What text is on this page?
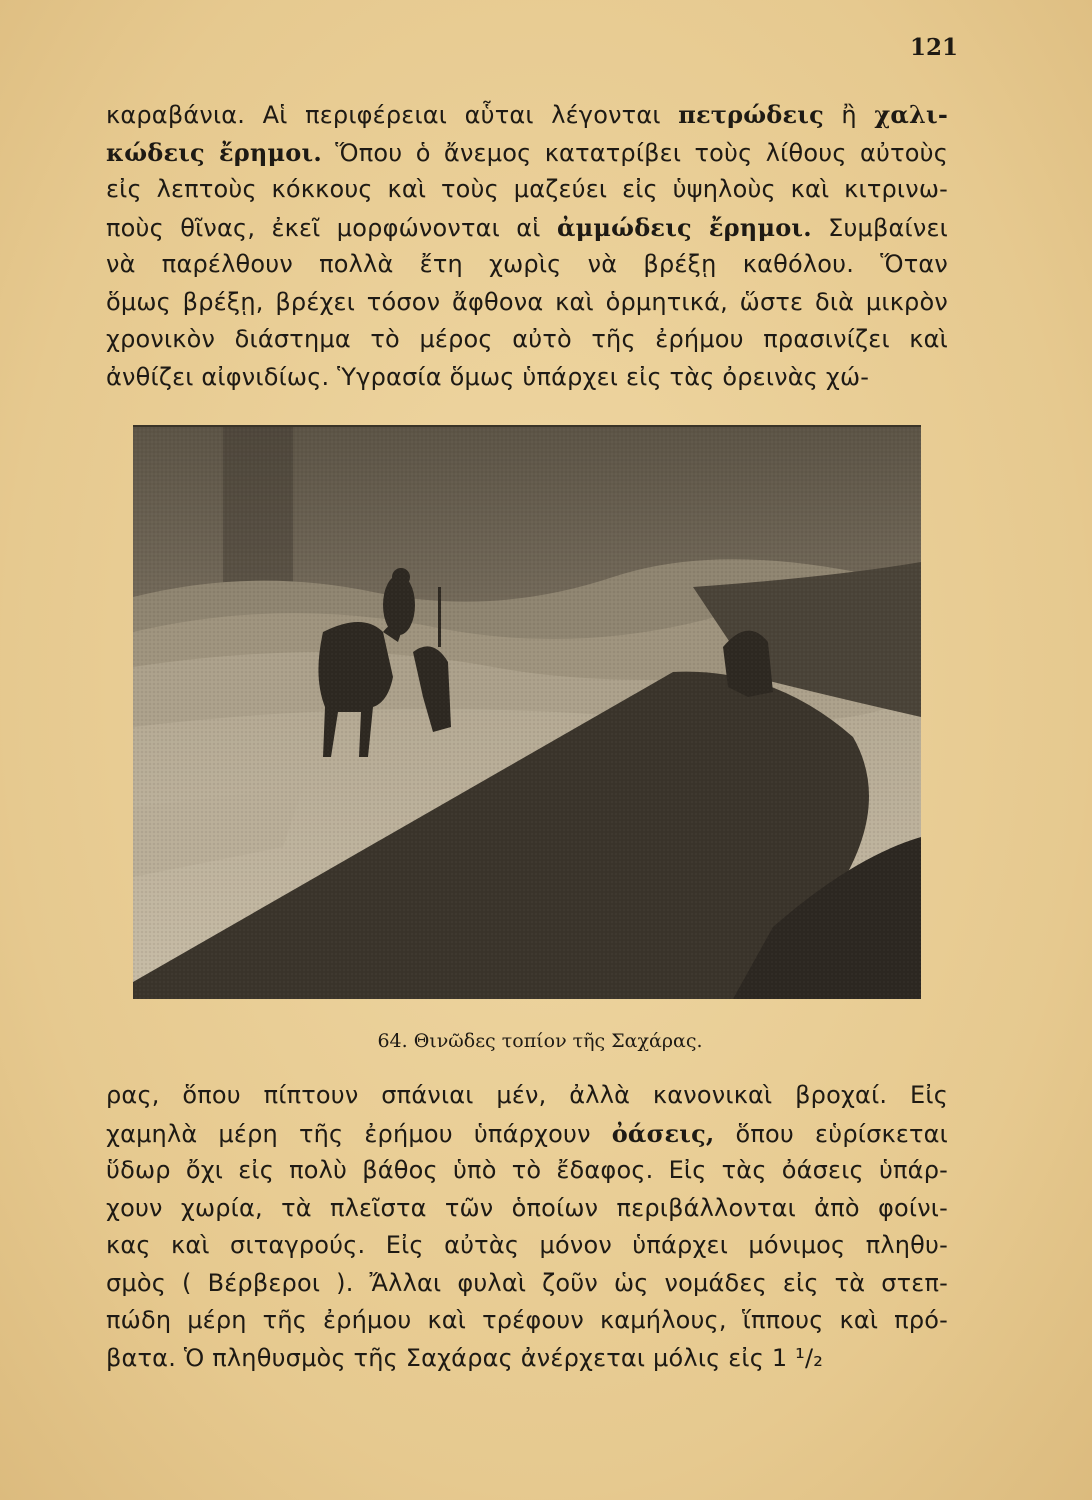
121
καραβάνια. Αἱ περιφέρειαι αὗται λέγονται πετρώδεις ἢ χαλι-
κώδεις ἔρημοι. Ὅπου ὁ ἄνεμος κατατρίβει τοὺς λίθους αὐτοὺς
εἰς λεπτοὺς κόκκους καὶ τοὺς μαζεύει εἰς ὑψηλοὺς καὶ κιτρινω-
ποὺς θῖνας, ἐκεῖ μορφώνονται αἱ ἀμμώδεις ἔρημοι. Συμβαίνει
νὰ παρέλθουν πολλὰ ἔτη χωρὶς νὰ βρέξῃ καθόλου. Ὅταν
ὅμως βρέξῃ, βρέχει τόσον ἄφθονα καὶ ὁρμητικά, ὥστε διὰ μικρὸν
χρονικὸν διάστημα τὸ μέρος αὐτὸ τῆς ἐρήμου πρασινίζει καὶ
ἀνθίζει αἰφνιδίως. Ὑγρασία ὅμως ὑπάρχει εἰς τὰς ὀρεινὰς χώ-
64. Θινῶδες τοπίον τῆς Σαχάρας.
ρας, ὅπου πίπτουν σπάνιαι μέν, ἀλλὰ κανονικαὶ βροχαί. Εἰς
χαμηλὰ μέρη τῆς ἐρήμου ὑπάρχουν ὀάσεις, ὅπου εὑρίσκεται
ὕδωρ ὄχι εἰς πολὺ βάθος ὑπὸ τὸ ἔδαφος. Εἰς τὰς ὀάσεις ὑπάρ-
χουν χωρία, τὰ πλεῖστα τῶν ὁποίων περιβάλλονται ἀπὸ φοίνι-
κας καὶ σιταγρούς. Εἰς αὐτὰς μόνον ὑπάρχει μόνιμος πληθυ-
σμὸς ( Βέρβεροι ). Ἄλλαι φυλαὶ ζοῦν ὡς νομάδες εἰς τὰ στεπ-
πώδη μέρη τῆς ἐρήμου καὶ τρέφουν καμήλους, ἵππους καὶ πρό-
βατα. Ὁ πληθυσμὸς τῆς Σαχάρας ἀνέρχεται μόλις εἰς 1 ¹/₂
